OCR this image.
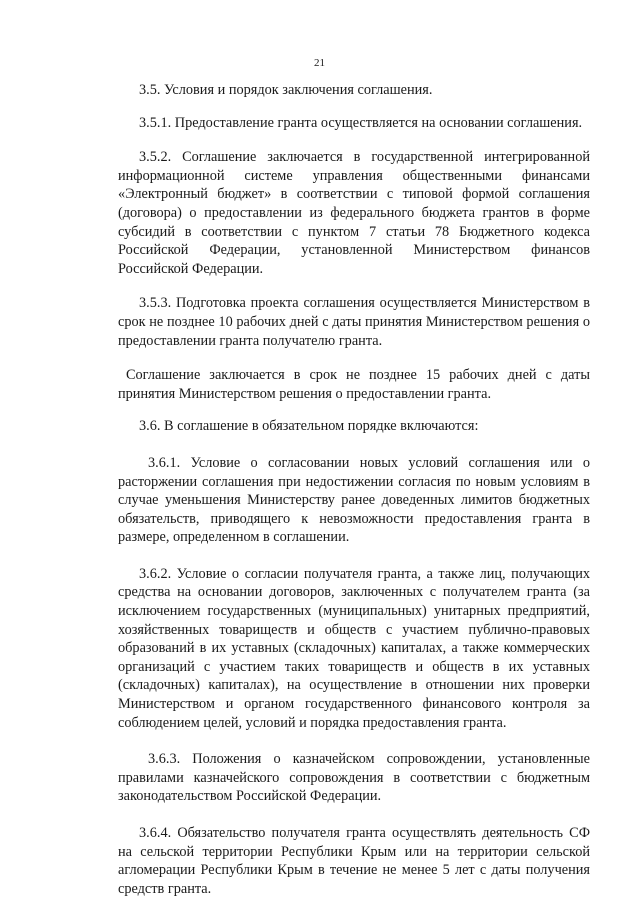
21

3.5. Условия и порядок заключения соглашения.

3.5.1. Предоставление гранта осуществляется на основании соглашения.

3.5.2. Соглашение заключается в государственной интегрированной информационной системе управления общественными финансами «Электронный бюджет» в соответствии с типовой формой соглашения (договора) о предоставлении из федерального бюджета грантов в форме субсидий в соответствии с пунктом 7 статьи 78 Бюджетного кодекса Российской Федерации, установленной Министерством финансов Российской Федерации.

3.5.3. Подготовка проекта соглашения осуществляется Министерством в срок не позднее 10 рабочих дней с даты принятия Министерством решения о предоставлении гранта получателю гранта.

Соглашение заключается в срок не позднее 15 рабочих дней с даты принятия Министерством решения о предоставлении гранта.

3.6. В соглашение в обязательном порядке включаются:

3.6.1. Условие о согласовании новых условий соглашения или о расторжении соглашения при недостижении согласия по новым условиям в случае уменьшения Министерству ранее доведенных лимитов бюджетных обязательств, приводящего к невозможности предоставления гранта в размере, определенном в соглашении.

3.6.2. Условие о согласии получателя гранта, а также лиц, получающих средства на основании договоров, заключенных с получателем гранта (за исключением государственных (муниципальных) унитарных предприятий, хозяйственных товариществ и обществ с участием публично-правовых образований в их уставных (складочных) капиталах, а также коммерческих организаций с участием таких товариществ и обществ в их уставных (складочных) капиталах), на осуществление в отношении них проверки Министерством и органом государственного финансового контроля за соблюдением целей, условий и порядка предоставления гранта.

3.6.3. Положения о казначейском сопровождении, установленные правилами казначейского сопровождения в соответствии с бюджетным законодательством Российской Федерации.

3.6.4. Обязательство получателя гранта осуществлять деятельность СФ на сельской территории Республики Крым или на территории сельской агломерации Республики Крым в течение не менее 5 лет с даты получения средств гранта.
